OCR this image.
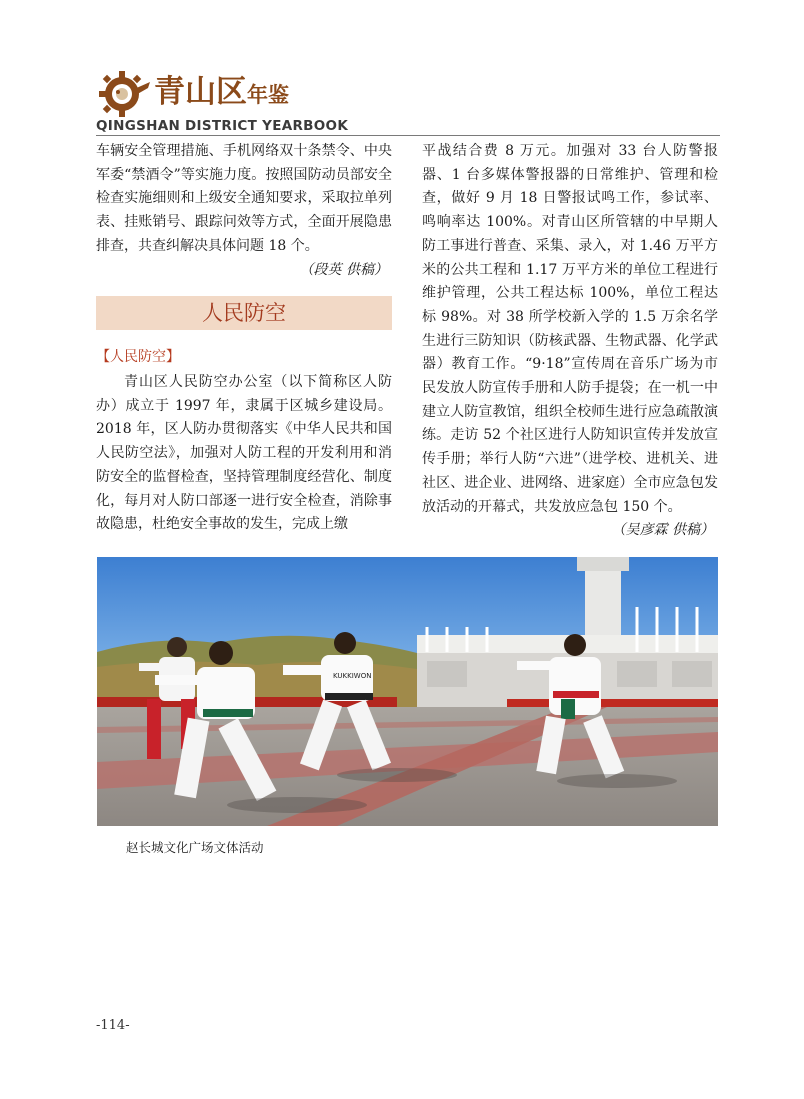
青山区年鉴
QINGSHAN DISTRICT YEARBOOK

车辆安全管理措施、手机网络双十条禁令、中央军委“禁酒令”等实施力度。按照国防动员部安全检查实施细则和上级安全通知要求，采取拉单列表、挂账销号、跟踪问效等方式，全面开展隐患排查，共查纠解决具体问题 18 个。

（段英 供稿）

人民防空
【人民防空】

青山区人民防空办公室（以下简称区人防办）成立于 1997 年，隶属于区城乡建设局。2018 年，区人防办贯彻落实《中华人民共和国人民防空法》，加强对人防工程的开发利用和消防安全的监督检查，坚持管理制度经营化、制度化，每月对人防口部逐一进行安全检查，消除事故隐患，杜绝安全事故的发生，完成上缴

平战结合费 8 万元。加强对 33 台人防警报器、1 台多媒体警报器的日常维护、管理和检查，做好 9 月 18 日警报试鸣工作，参试率、鸣响率达 100%。对青山区所管辖的中早期人防工事进行普查、采集、录入，对 1.46 万平方米的公共工程和 1.17 万平方米的单位工程进行维护管理，公共工程达标 100%，单位工程达标 98%。对 38 所学校新入学的 1.5 万余名学生进行三防知识（防核武器、生物武器、化学武器）教育工作。“9·18”宣传周在音乐广场为市民发放人防宣传手册和人防手提袋；在一机一中建立人防宣教馆，组织全校师生进行应急疏散演练。走访 52 个社区进行人防知识宣传并发放宣传手册；举行人防“六进”（进学校、进机关、进社区、进企业、进网络、进家庭）全市应急包发放活动的开幕式，共发放应急包 150 个。

（吴彦霖 供稿）

KUKKIWON
赵长城文化广场文体活动
-114-
